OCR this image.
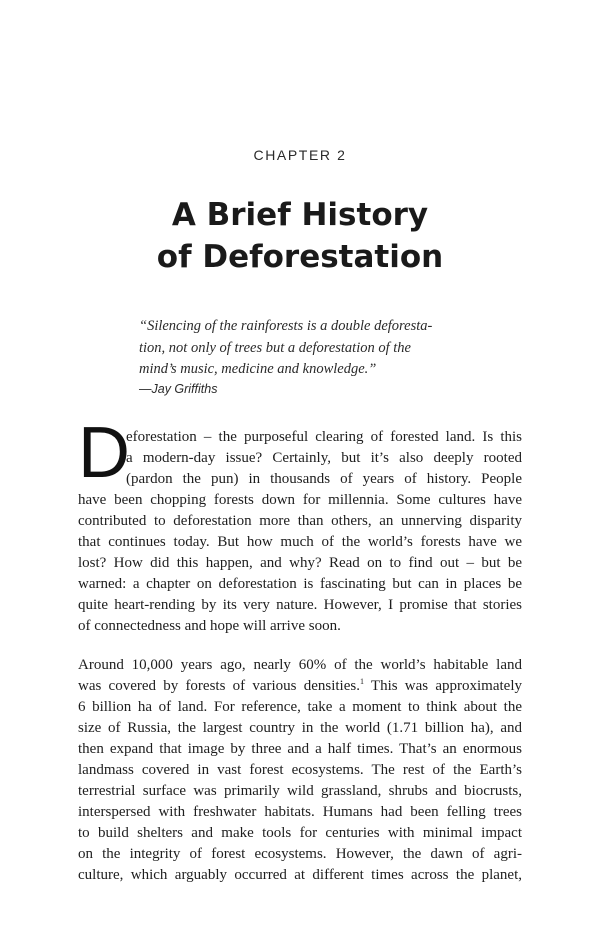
CHAPTER 2
A Brief History
of Deforestation
“Silencing of the rainforests is a double deforesta-
tion, not only of trees but a deforestation of the
mind’s music, medicine and knowledge.”
—Jay Griffiths
D
eforestation – the purposeful clearing of forested land. Is this
a modern-day issue? Certainly, but it’s also deeply rooted
(pardon the pun) in thousands of years of history. People
have been chopping forests down for millennia. Some cultures have
contributed to deforestation more than others, an unnerving disparity
that continues today. But how much of the world’s forests have we
lost? How did this happen, and why? Read on to find out – but be
warned: a chapter on deforestation is fascinating but can in places be
quite heart-rending by its very nature. However, I promise that stories
of connectedness and hope will arrive soon.
Around 10,000 years ago, nearly 60% of the world’s habitable land
was covered by forests of various densities.$^1$ This was approximately
6 billion ha of land. For reference, take a moment to think about the
size of Russia, the largest country in the world (1.71 billion ha), and
then expand that image by three and a half times. That’s an enormous
landmass covered in vast forest ecosystems. The rest of the Earth’s
terrestrial surface was primarily wild grassland, shrubs and biocrusts,
interspersed with freshwater habitats. Humans had been felling trees
to build shelters and make tools for centuries with minimal impact
on the integrity of forest ecosystems. However, the dawn of agri-
culture, which arguably occurred at different times across the planet,
